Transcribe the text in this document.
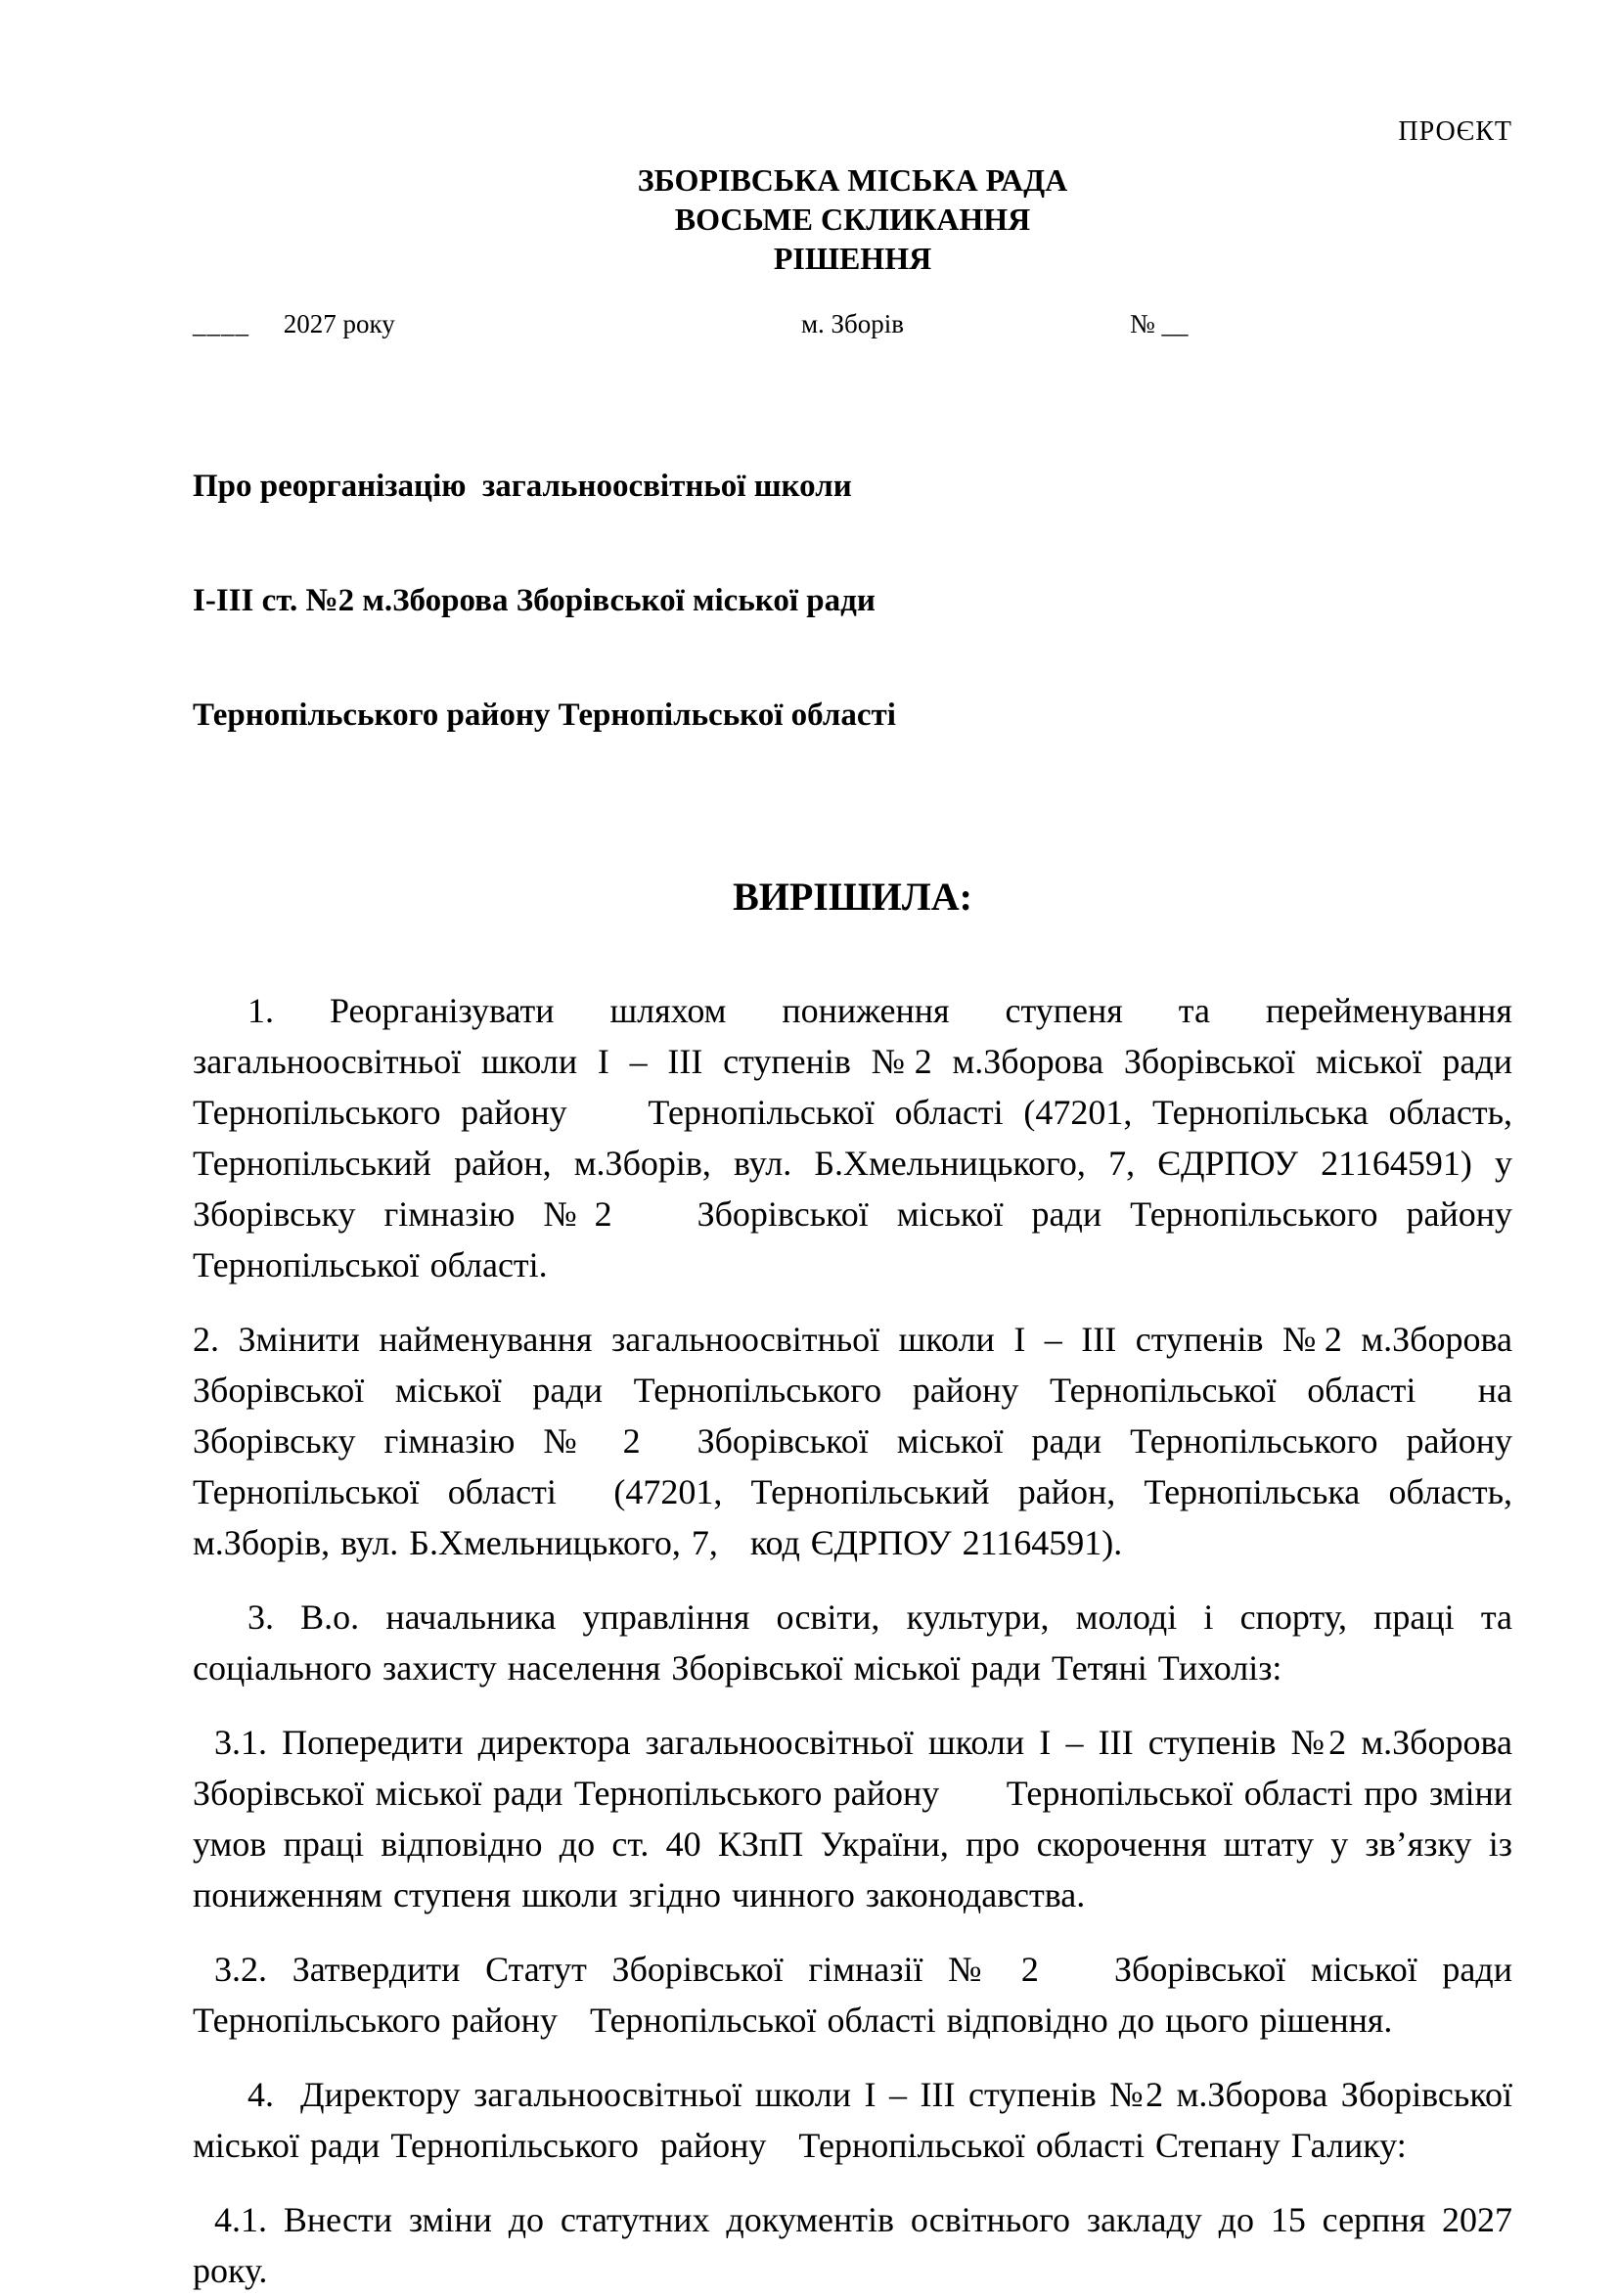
ПРОЄКТ
ЗБОРІВСЬКА МІСЬКА РАДА
ВОСЬМЕ СКЛИКАННЯ
РІШЕННЯ
____ 2027 року	м. Зборів	№ __

Про реорганізацію  загальноосвітньої школи

І-ІІІ ст. №2 м.Зборова Зборівської міської ради

Тернопільського району Тернопільської області

ВИРІШИЛА:

1. Реорганізувати шляхом пониження ступеня та перейменування загальноосвітньої школи І – ІІІ ступенів №2 м.Зборова Зборівської міської ради Тернопільського району    Тернопільської області (47201, Тернопільська область, Тернопільський район, м.Зборів, вул. Б.Хмельницького, 7, ЄДРПОУ 21164591) у Зборівську гімназію №2   Зборівської міської ради Тернопільського району   Тернопільської області.

2. Змінити найменування загальноосвітньої школи І – ІІІ ступенів №2 м.Зборова Зборівської міської ради Тернопільського району Тернопільської області  на Зборівську гімназію № 2  Зборівської міської ради Тернопільського району    Тернопільської області  (47201, Тернопільський район, Тернопільська область, м.Зборів, вул. Б.Хмельницького, 7,   код ЄДРПОУ 21164591).

3. В.о. начальника управління освіти, культури, молоді і спорту, праці та соціального захисту населення Зборівської міської ради Тетяні Тихоліз:

3.1. Попередити директора загальноосвітньої школи І – ІІІ ступенів №2 м.Зборова Зборівської міської ради Тернопільського району      Тернопільської області про зміни умов праці відповідно до ст. 40 КЗпП України, про скорочення штату у зв’язку із пониженням ступеня школи згідно чинного законодавства.

3.2. Затвердити Статут Зборівської гімназії № 2   Зборівської міської ради Тернопільського району   Тернопільської області відповідно до цього рішення.

4.  Директору загальноосвітньої школи І – ІІІ ступенів №2 м.Зборова Зборівської міської ради Тернопільського  району   Тернопільської області Степану Галику:

4.1. Внести зміни до статутних документів освітнього закладу до 15 серпня 2027 року.
